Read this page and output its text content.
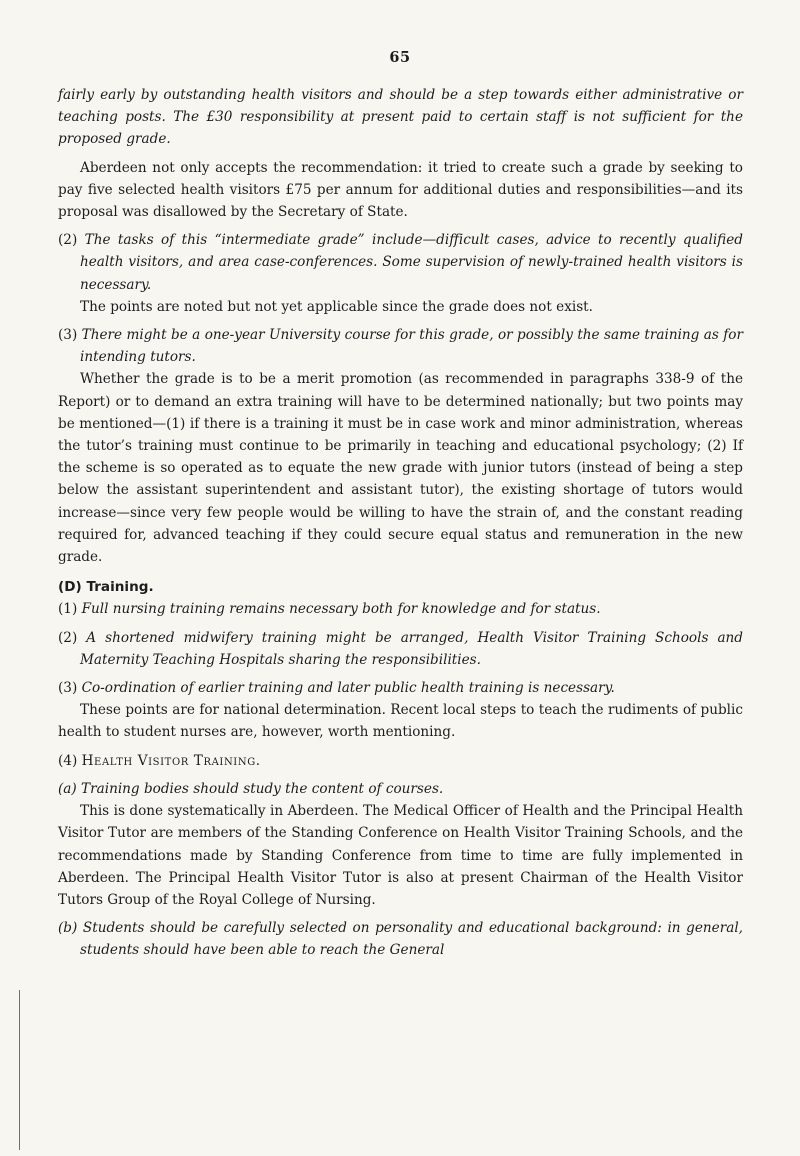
65

fairly early by outstanding health visitors and should be a step towards either administrative or teaching posts. The £30 responsibility at present paid to certain staff is not sufficient for the proposed grade.

Aberdeen not only accepts the recommendation: it tried to create such a grade by seeking to pay five selected health visitors £75 per annum for additional duties and responsibilities—and its proposal was disallowed by the Secretary of State.

(2) The tasks of this “intermediate grade” include—difficult cases, advice to recently qualified health visitors, and area case-conferences. Some supervision of newly-trained health visitors is necessary.

The points are noted but not yet applicable since the grade does not exist.

(3) There might be a one-year University course for this grade, or possibly the same training as for intending tutors.

Whether the grade is to be a merit promotion (as recommended in paragraphs 338-9 of the Report) or to demand an extra training will have to be determined nationally; but two points may be mentioned—(1) if there is a training it must be in case work and minor administration, whereas the tutor’s training must continue to be primarily in teaching and educational psychology; (2) If the scheme is so operated as to equate the new grade with junior tutors (instead of being a step below the assistant superintendent and assistant tutor), the existing shortage of tutors would increase—since very few people would be willing to have the strain of, and the constant reading required for, advanced teaching if they could secure equal status and remuneration in the new grade.

(D) Training.

(1) Full nursing training remains necessary both for knowledge and for status.

(2) A shortened midwifery training might be arranged, Health Visitor Training Schools and Maternity Teaching Hospitals sharing the responsibilities.

(3) Co-ordination of earlier training and later public health training is necessary.

These points are for national determination. Recent local steps to teach the rudiments of public health to student nurses are, however, worth mentioning.

(4) Health Visitor Training.

(a) Training bodies should study the content of courses.

This is done systematically in Aberdeen. The Medical Officer of Health and the Principal Health Visitor Tutor are members of the Standing Conference on Health Visitor Training Schools, and the recommendations made by Standing Conference from time to time are fully implemented in Aberdeen. The Principal Health Visitor Tutor is also at present Chairman of the Health Visitor Tutors Group of the Royal College of Nursing.

(b) Students should be carefully selected on personality and educational background: in general, students should have been able to reach the General
